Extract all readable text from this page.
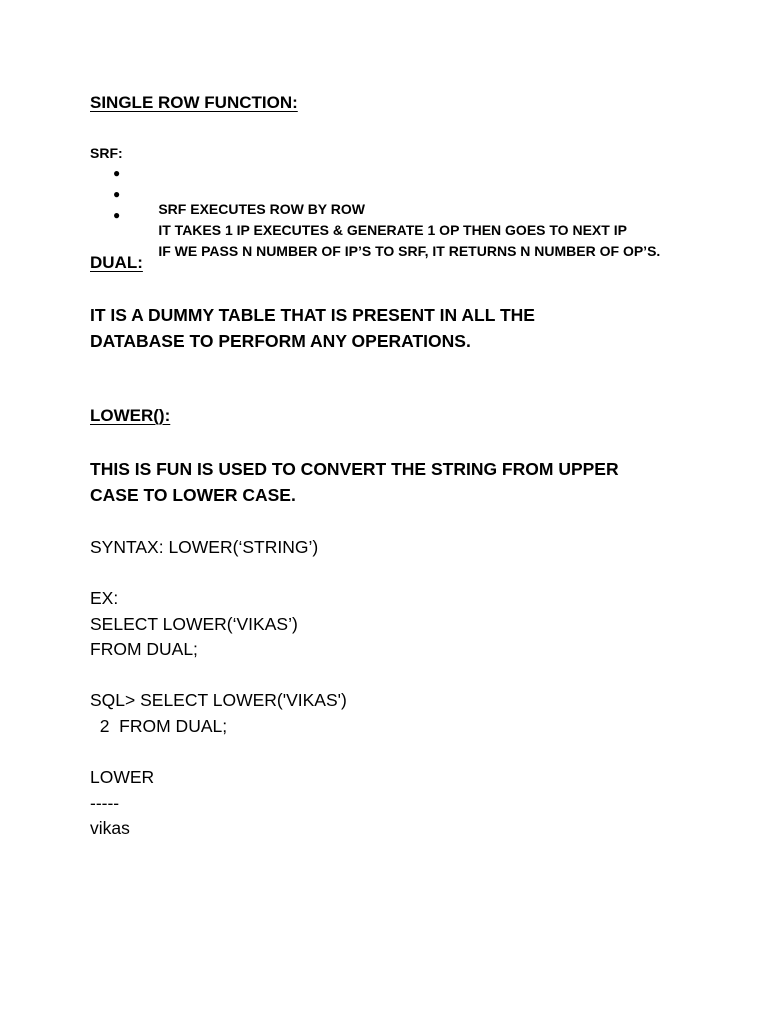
SINGLE ROW FUNCTION:
SRF:

●

SRF EXECUTES ROW BY ROW

●

IT TAKES 1 IP EXECUTES & GENERATE 1 OP THEN GOES TO NEXT IP

●

IF WE PASS N NUMBER OF IP’S TO SRF, IT RETURNS N NUMBER OF OP’S.

DUAL:
IT IS A DUMMY TABLE THAT IS PRESENT IN ALL THE
DATABASE TO PERFORM ANY OPERATIONS.
LOWER():
THIS IS FUN IS USED TO CONVERT THE STRING FROM UPPER
CASE TO LOWER CASE.
SYNTAX: LOWER(‘STRING’)
EX:
SELECT LOWER(‘VIKAS’)
FROM DUAL;
SQL> SELECT LOWER('VIKAS')
2  FROM DUAL;
LOWER
-----
vikas
